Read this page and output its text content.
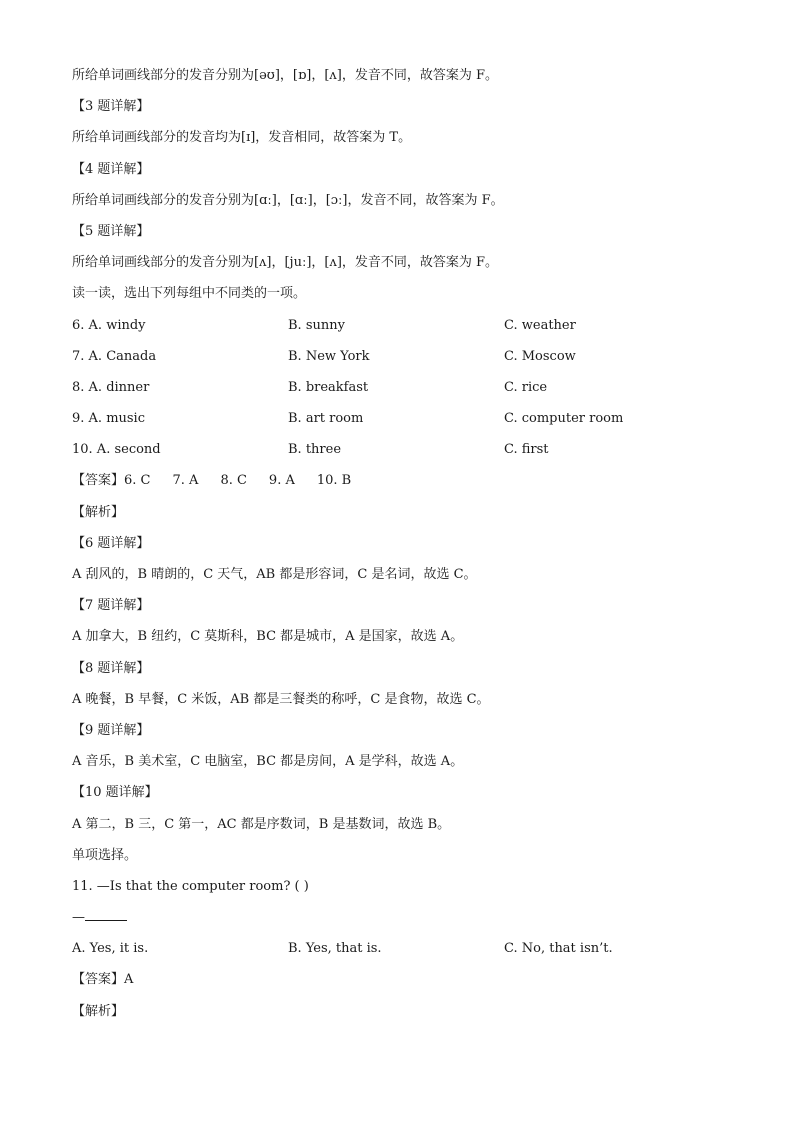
所给单词画线部分的发音分别为[əʊ]，[ɒ]，[ʌ]，发音不同，故答案为 F。
【3 题详解】
所给单词画线部分的发音均为[ɪ]，发音相同，故答案为 T。
【4 题详解】
所给单词画线部分的发音分别为[ɑː]，[ɑː]，[ɔː]，发音不同，故答案为 F。
【5 题详解】
所给单词画线部分的发音分别为[ʌ]，[juː]，[ʌ]，发音不同，故答案为 F。
读一读，选出下列每组中不同类的一项。
6. A. windy	B. sunny	C. weather
7. A. Canada	B. New York	C. Moscow
8. A. dinner	B. breakfast	C. rice
9. A. music	B. art room	C. computer room
10. A. second	B. three	C. first
【答案】6. C 7. A 8. C 9. A 10. B
【解析】
【6 题详解】
A 刮风的，B 晴朗的，C 天气，AB 都是形容词，C 是名词，故选 C。
【7 题详解】
A 加拿大，B 纽约，C 莫斯科，BC 都是城市，A 是国家，故选 A。
【8 题详解】
A 晚餐，B 早餐，C 米饭，AB 都是三餐类的称呼，C 是食物，故选 C。
【9 题详解】
A 音乐，B 美术室，C 电脑室，BC 都是房间，A 是学科，故选 A。
【10 题详解】
A 第二，B 三，C 第一，AC 都是序数词，B 是基数词，故选 B。
单项选择。
11. —Is that the computer room? ( )
—
A. Yes, it is.	B. Yes, that is.	C. No, that isn’t.
【答案】A
【解析】
